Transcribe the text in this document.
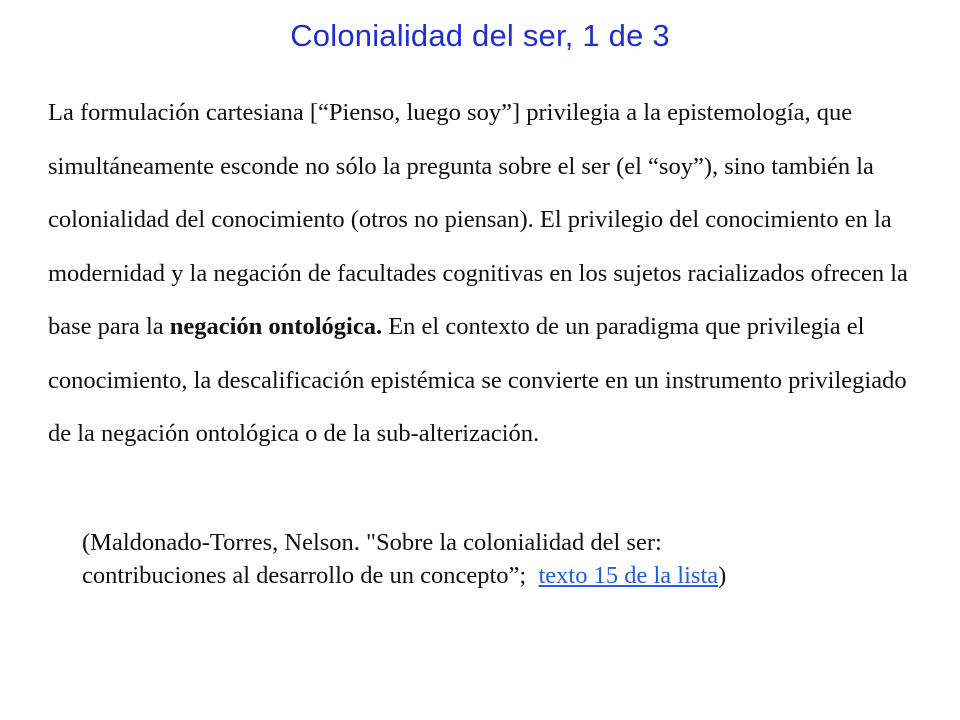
Colonialidad del ser, 1 de 3
La formulación cartesiana [“Pienso, luego soy”] privilegia a la epistemología, que simultáneamente esconde no sólo la pregunta sobre el ser (el “soy”), sino también la colonialidad del conocimiento (otros no piensan). El privilegio del conocimiento en la modernidad y la negación de facultades cognitivas en los sujetos racializados ofrecen la base para la negación ontológica. En el contexto de un paradigma que privilegia el conocimiento, la descalificación epistémica se convierte en un instrumento privilegiado de la negación ontológica o de la sub-alterización.
(Maldonado-Torres, Nelson. "Sobre la colonialidad del ser:
contribuciones al desarrollo de un concepto”;  texto 15 de la lista)
